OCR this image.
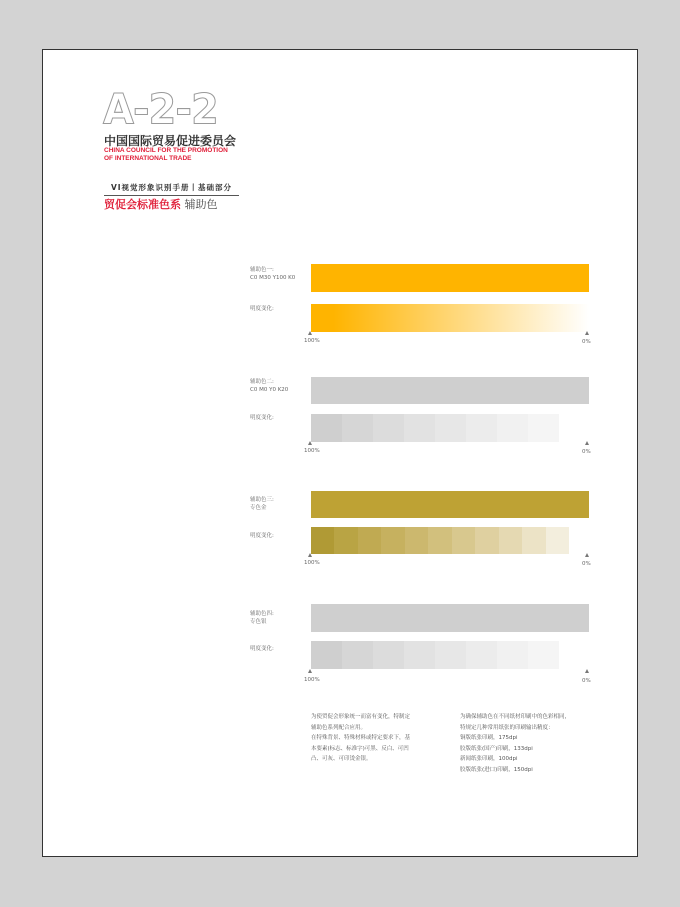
A-2-2
中国国际贸易促进委员会
CHINA COUNCIL FOR THE PROMOTION
OF INTERNATIONAL TRADE
VI视觉形象识别手册丨基础部分
贸促会标准色系 辅助色
辅助色一:
C0 M30 Y100 K0
明度变化:
100%	0%
辅助色二:
C0 M0 Y0 K20
明度变化:
100%	0%
辅助色三:
专色金
明度变化:
100%	0%
辅助色四:
专色银
明度变化:
100%	0%
为使贸促会形象统一而富有变化，特制定
辅助色系列配合应用。
在特殊背景、特殊材料或特定要求下，基
本要素(标志、标准字)可黑、反白、可凹
凸、可灰、可印烫金银。
为确保辅助色在不同纸材印刷中的色彩相同，
特规定几种常用纸张的印刷输出精度：
铜版纸张印刷，175dpi
胶版纸张(国产)印刷，133dpi
新闻纸张印刷，100dpi
胶版纸张(进口)印刷，150dpi
